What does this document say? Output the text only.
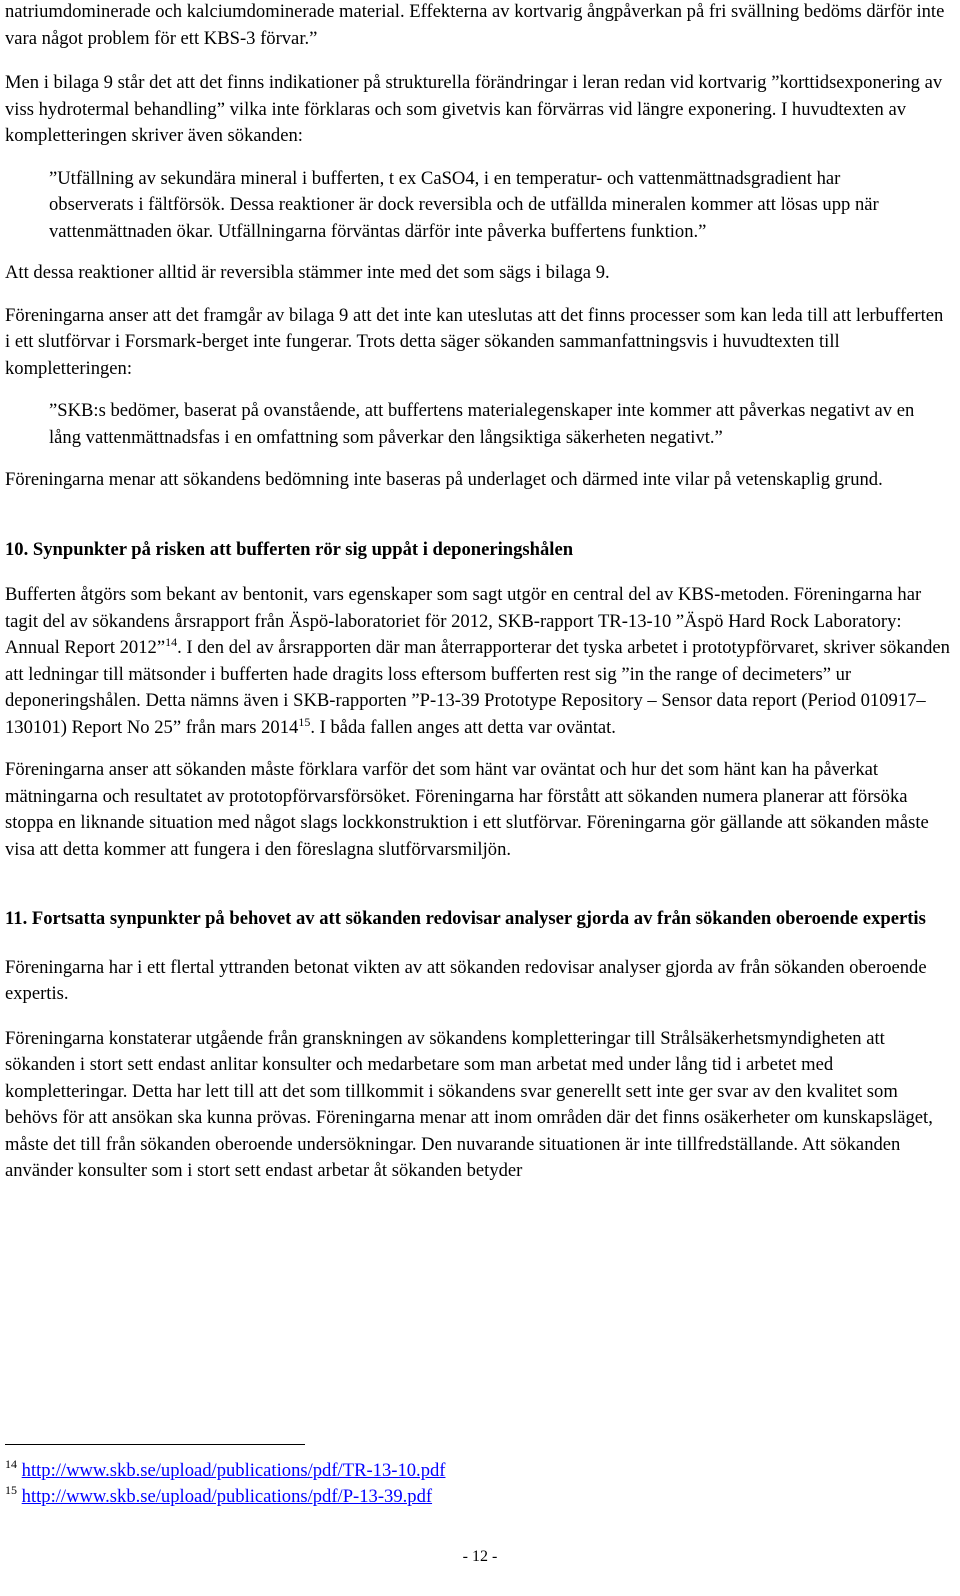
natriumdominerade och kalciumdominerade material. Effekterna av kortvarig ångpåverkan på fri svällning bedöms därför inte vara något problem för ett KBS-3 förvar.”

Men i bilaga 9 står det att det finns indikationer på strukturella förändringar i leran redan vid kortvarig ”korttidsexponering av viss hydrotermal behandling” vilka inte förklaras och som givetvis kan förvärras vid längre exponering. I huvudtexten av kompletteringen skriver även sökanden:

”Utfällning av sekundära mineral i bufferten, t ex CaSO4, i en temperatur- och vattenmättnadsgradient har observerats i fältförsök. Dessa reaktioner är dock reversibla och de utfällda mineralen kommer att lösas upp när vattenmättnaden ökar. Utfällningarna förväntas därför inte påverka buffertens funktion.”

Att dessa reaktioner alltid är reversibla stämmer inte med det som sägs i bilaga 9.

Föreningarna anser att det framgår av bilaga 9 att det inte kan uteslutas att det finns processer som kan leda till att lerbufferten i ett slutförvar i Forsmark-berget inte fungerar. Trots detta säger sökanden sammanfattningsvis i huvudtexten till kompletteringen:

”SKB:s bedömer, baserat på ovanstående, att buffertens materialegenskaper inte kommer att påverkas negativt av en lång vattenmättnadsfas i en omfattning som påverkar den långsiktiga säkerheten negativt.”

Föreningarna menar att sökandens bedömning inte baseras på underlaget och därmed inte vilar på vetenskaplig grund.

10. Synpunkter på risken att bufferten rör sig uppåt i deponeringshålen

Bufferten åtgörs som bekant av bentonit, vars egenskaper som sagt utgör en central del av KBS-metoden. Föreningarna har tagit del av sökandens årsrapport från Äspö-laboratoriet för 2012, SKB-rapport TR-13-10 ”Äspö Hard Rock Laboratory: Annual Report 2012”$^{14}$. I den del av årsrapporten där man återrapporterar det tyska arbetet i prototypförvaret, skriver sökanden att ledningar till mätsonder i bufferten hade dragits loss eftersom bufferten rest sig ”in the range of decimeters” ur deponeringshålen. Detta nämns även i SKB-rapporten ”P-13-39 Prototype Repository – Sensor data report (Period 010917–130101) Report No 25” från mars 2014$^{15}$. I båda fallen anges att detta var oväntat.

Föreningarna anser att sökanden måste förklara varför det som hänt var oväntat och hur det som hänt kan ha påverkat mätningarna och resultatet av prototopförvarsförsöket. Föreningarna har förstått att sökanden numera planerar att försöka stoppa en liknande situation med något slags lockkonstruktion i ett slutförvar. Föreningarna gör gällande att sökanden måste visa att detta kommer att fungera i den föreslagna slutförvarsmiljön.

11. Fortsatta synpunkter på behovet av att sökanden redovisar analyser gjorda av från sökanden oberoende expertis

Föreningarna har i ett flertal yttranden betonat vikten av att sökanden redovisar analyser gjorda av från sökanden oberoende expertis.

Föreningarna konstaterar utgående från granskningen av sökandens kompletteringar till Strålsäkerhetsmyndigheten att sökanden i stort sett endast anlitar konsulter och medarbetare som man arbetat med under lång tid i arbetet med kompletteringar. Detta har lett till att det som tillkommit i sökandens svar generellt sett inte ger svar av den kvalitet som behövs för att ansökan ska kunna prövas. Föreningarna menar att inom områden där det finns osäkerheter om kunskapsläget, måste det till från sökanden oberoende undersökningar. Den nuvarande situationen är inte tillfredställande. Att sökanden använder konsulter som i stort sett endast arbetar åt sökanden betyder

$^{14}$ http://www.skb.se/upload/publications/pdf/TR-13-10.pdf
$^{15}$ http://www.skb.se/upload/publications/pdf/P-13-39.pdf
- 12 -
